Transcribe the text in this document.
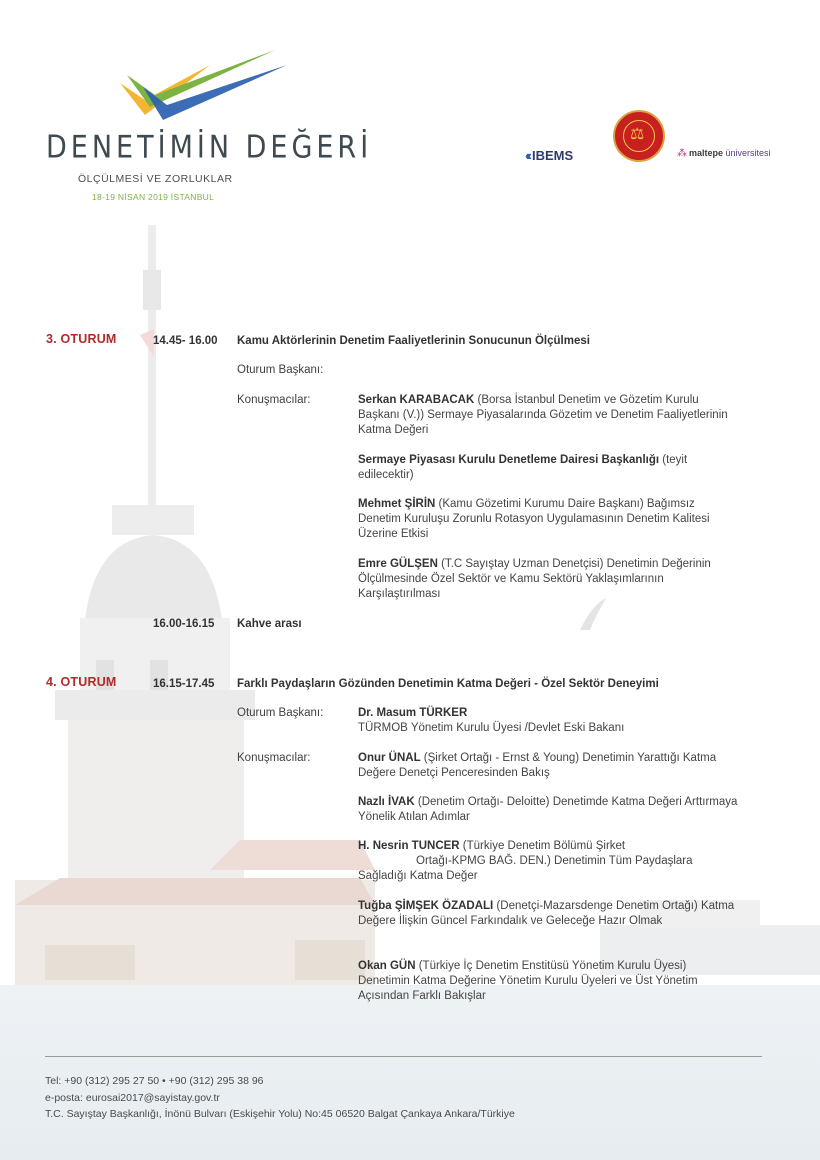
DENETİMİN DEĞERİ
ÖLÇÜLMESİ VE ZORLUKLAR
18-19 NİSAN 2019 İSTANBUL
‹‹‹ IBEMS
⚖	⁂ maltepe üniversitesi
3. OTURUM	14.45- 16.00 Kamu Aktörlerinin Denetim Faaliyetlerinin Sonucunun Ölçülmesi
Oturum Başkanı:
Konuşmacılar:	Serkan KARABACAK (Borsa İstanbul Denetim ve Gözetim Kurulu Başkanı (V.)) Sermaye Piyasalarında Gözetim ve Denetim Faaliyetlerinin Katma Değeri
Sermaye Piyasası Kurulu Denetleme Dairesi Başkanlığı (teyit edilecektir)
Mehmet ŞİRİN (Kamu Gözetimi Kurumu Daire Başkanı) Bağımsız Denetim Kuruluşu Zorunlu Rotasyon Uygulamasının Denetim Kalitesi Üzerine Etkisi
Emre GÜLŞEN (T.C Sayıştay Uzman Denetçisi) Denetimin Değerinin Ölçülmesinde Özel Sektör ve Kamu Sektörü Yaklaşımlarının Karşılaştırılması
16.00-16.15 Kahve arası
4. OTURUM	16.15-17.45 Farklı Paydaşların Gözünden Denetimin Katma Değeri - Özel Sektör Deneyimi
Oturum Başkanı:	Dr. Masum TÜRKER
TÜRMOB Yönetim Kurulu Üyesi /Devlet Eski Bakanı
Konuşmacılar:	Onur ÜNAL (Şirket Ortağı - Ernst & Young) Denetimin Yarattığı Katma Değere Denetçi Penceresinden Bakış
Nazlı İVAK (Denetim Ortağı- Deloitte) Denetimde Katma Değeri Arttırmaya Yönelik Atılan Adımlar
H. Nesrin TUNCER (Türkiye Denetim Bölümü Şirket
Ortağı-KPMG BAĞ. DEN.) Denetimin Tüm Paydaşlara Sağladığı Katma Değer
Tuğba ŞİMŞEK ÖZADALI (Denetçi-Mazarsdenge Denetim Ortağı) Katma Değere İlişkin Güncel Farkındalık ve Geleceğe Hazır Olmak
Okan GÜN (Türkiye İç Denetim Enstitüsü Yönetim Kurulu Üyesi) Denetimin Katma Değerine Yönetim Kurulu Üyeleri ve Üst Yönetim Açısından Farklı Bakışlar
Tel: +90 (312) 295 27 50 • +90 (312) 295 38 96
e-posta: eurosai2017@sayistay.gov.tr
T.C. Sayıştay Başkanlığı, İnönü Bulvarı (Eskişehir Yolu) No:45 06520 Balgat Çankaya Ankara/Türkiye
